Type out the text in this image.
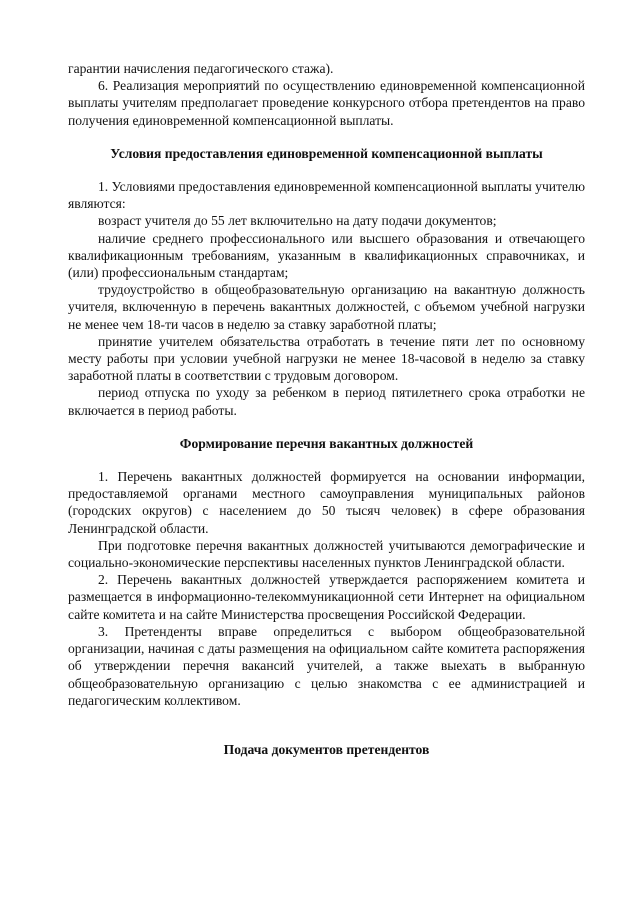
гарантии начисления педагогического стажа).

6. Реализация мероприятий по осуществлению единовременной компенсационной выплаты учителям предполагает проведение конкурсного отбора претендентов на право получения единовременной компенсационной выплаты.

Условия предоставления единовременной компенсационной выплаты

1. Условиями предоставления единовременной компенсационной выплаты учителю являются:

возраст учителя до 55 лет включительно на дату подачи документов;

наличие среднего профессионального или высшего образования и отвечающего квалификационным требованиям, указанным в квалификационных справочниках, и (или) профессиональным стандартам;

трудоустройство в общеобразовательную организацию на вакантную должность учителя, включенную в перечень вакантных должностей, с объемом учебной нагрузки не менее чем 18-ти часов в неделю за ставку заработной платы;

принятие учителем обязательства отработать в течение пяти лет по основному месту работы при условии учебной нагрузки не менее 18-часовой в неделю за ставку заработной платы в соответствии с трудовым договором.

период отпуска по уходу за ребенком в период пятилетнего срока отработки не включается в период работы.

Формирование перечня вакантных должностей

1. Перечень вакантных должностей формируется на основании информации, предоставляемой органами местного самоуправления муниципальных районов (городских округов) с населением до 50 тысяч человек) в сфере образования Ленинградской области.

При подготовке перечня вакантных должностей учитываются демографические и социально-экономические перспективы населенных пунктов Ленинградской области.

2. Перечень вакантных должностей утверждается распоряжением комитета и размещается в информационно-телекоммуникационной сети Интернет на официальном сайте комитета и на сайте Министерства просвещения Российской Федерации.

3. Претенденты вправе определиться с выбором общеобразовательной организации, начиная с даты размещения на официальном сайте комитета распоряжения об утверждении перечня вакансий учителей, а также выехать в выбранную общеобразовательную организацию с целью знакомства с ее администрацией и педагогическим коллективом.

Подача документов претендентов
